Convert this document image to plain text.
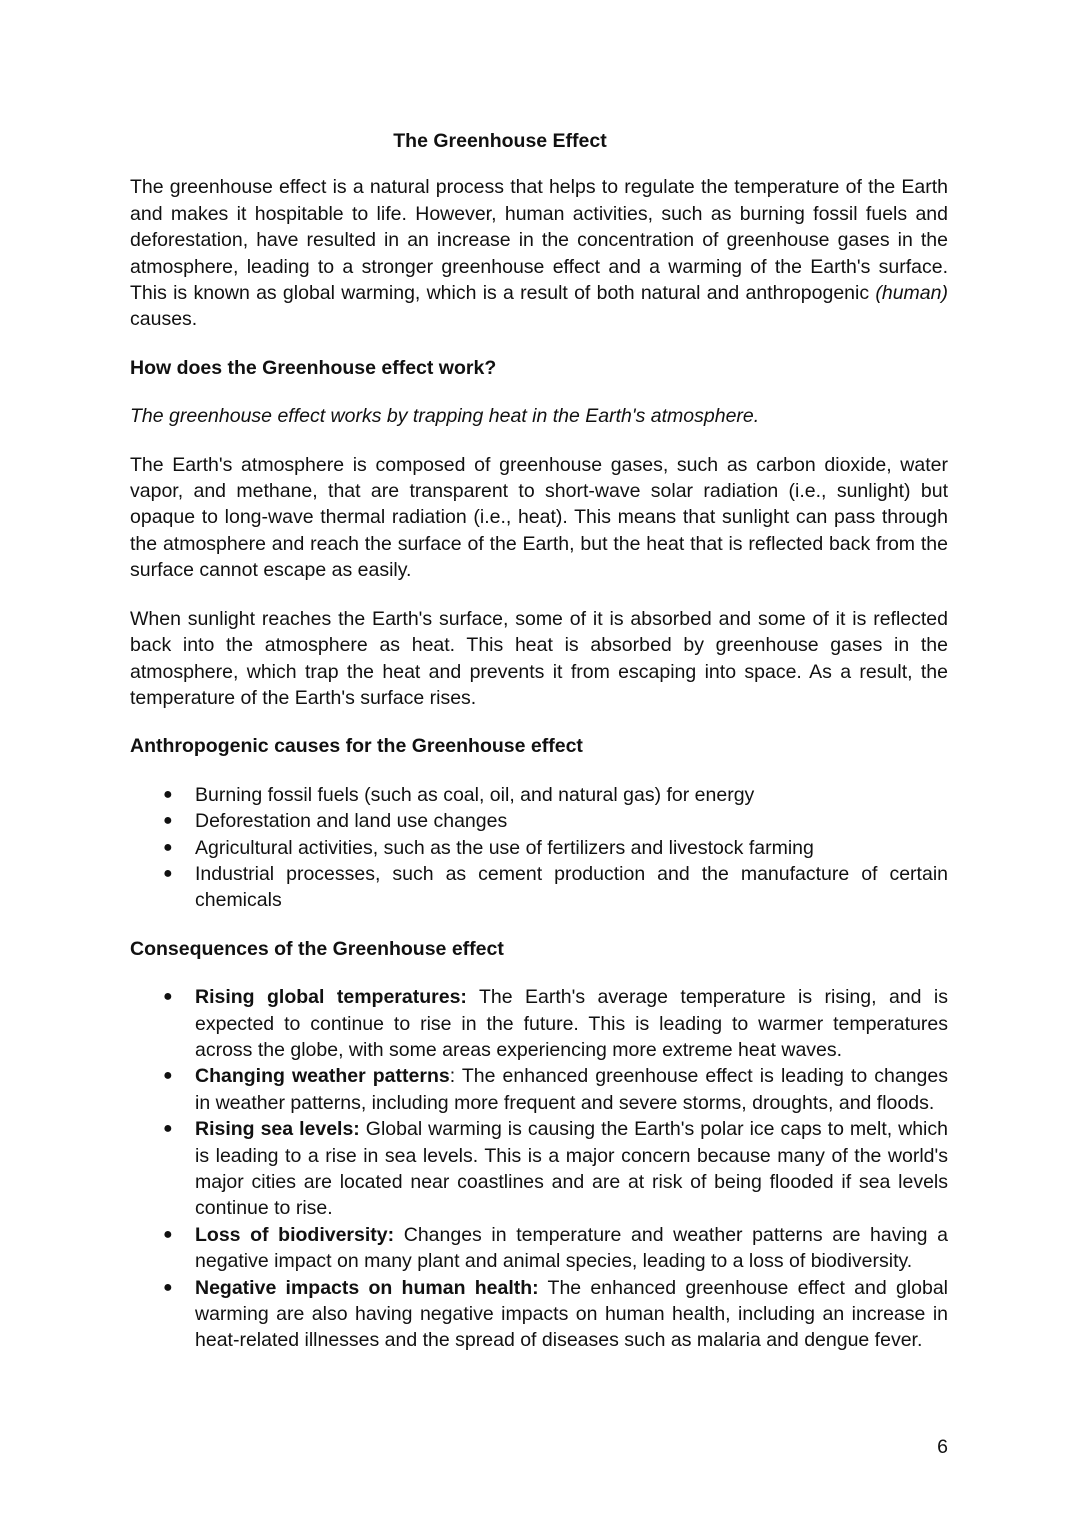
The Greenhouse Effect

The greenhouse effect is a natural process that helps to regulate the temperature of the Earth and makes it hospitable to life. However, human activities, such as burning fossil fuels and deforestation, have resulted in an increase in the concentration of greenhouse gases in the atmosphere, leading to a stronger greenhouse effect and a warming of the Earth's surface. This is known as global warming, which is a result of both natural and anthropogenic (human) causes.

How does the Greenhouse effect work?

The greenhouse effect works by trapping heat in the Earth's atmosphere.

The Earth's atmosphere is composed of greenhouse gases, such as carbon dioxide, water vapor, and methane, that are transparent to short-wave solar radiation (i.e., sunlight) but opaque to long-wave thermal radiation (i.e., heat). This means that sunlight can pass through the atmosphere and reach the surface of the Earth, but the heat that is reflected back from the surface cannot escape as easily.

When sunlight reaches the Earth's surface, some of it is absorbed and some of it is reflected back into the atmosphere as heat. This heat is absorbed by greenhouse gases in the atmosphere, which trap the heat and prevents it from escaping into space. As a result, the temperature of the Earth's surface rises.

Anthropogenic causes for the Greenhouse effect
● Burning fossil fuels (such as coal, oil, and natural gas) for energy
● Deforestation and land use changes
● Agricultural activities, such as the use of fertilizers and livestock farming
● Industrial processes, such as cement production and the manufacture of certain chemicals
Consequences of the Greenhouse effect
● Rising global temperatures: The Earth's average temperature is rising, and is expected to continue to rise in the future. This is leading to warmer temperatures across the globe, with some areas experiencing more extreme heat waves.
● Changing weather patterns: The enhanced greenhouse effect is leading to changes in weather patterns, including more frequent and severe storms, droughts, and floods.
● Rising sea levels: Global warming is causing the Earth's polar ice caps to melt, which is leading to a rise in sea levels. This is a major concern because many of the world's major cities are located near coastlines and are at risk of being flooded if sea levels continue to rise.
● Loss of biodiversity: Changes in temperature and weather patterns are having a negative impact on many plant and animal species, leading to a loss of biodiversity.
● Negative impacts on human health: The enhanced greenhouse effect and global warming are also having negative impacts on human health, including an increase in heat-related illnesses and the spread of diseases such as malaria and dengue fever.
6
